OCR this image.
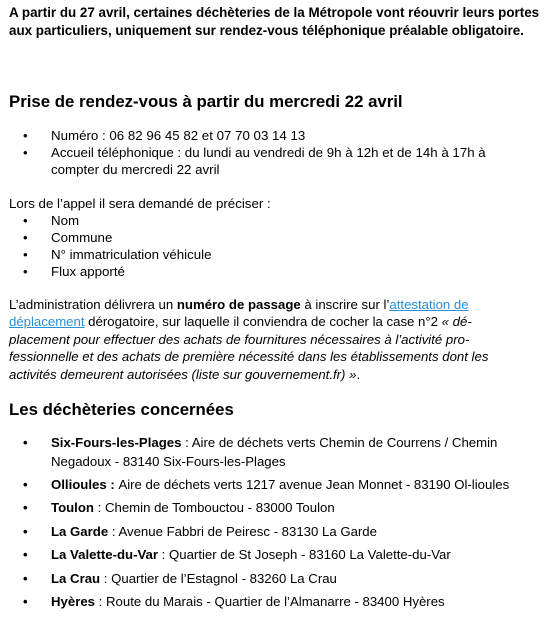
A partir du 27 avril, certaines déchèteries de la Métropole vont réouvrir leurs portes aux particuliers, uniquement sur rendez-vous téléphonique préalable obligatoire.

Prise de rendez-vous à partir du mercredi 22 avril
• Numéro : 06 82 96 45 82 et 07 70 03 14 13
• Accueil téléphonique : du lundi au vendredi de 9h à 12h et de 14h à 17h à compter du mercredi 22 avril

Lors de l’appel il sera demandé de préciser :

• Nom
• Commune
• N° immatriculation véhicule
• Flux apporté

L’administration délivrera un numéro de passage à inscrire sur l’attestation de déplacement dérogatoire, sur laquelle il conviendra de cocher la case n°2 « dé-placement pour effectuer des achats de fournitures nécessaires à l’activité pro-fessionnelle et des achats de première nécessité dans les établissements dont les activités demeurent autorisées (liste sur gouvernement.fr) ».

Les déchèteries concernées
• Six-Fours-les-Plages : Aire de déchets verts Chemin de Courrens / Chemin Negadoux - 83140 Six-Fours-les-Plages
• Ollioules : Aire de déchets verts 1217 avenue Jean Monnet - 83190 Ol-lioules
• Toulon : Chemin de Tombouctou - 83000 Toulon
• La Garde : Avenue Fabbri de Peiresc - 83130 La Garde
• La Valette-du-Var : Quartier de St Joseph - 83160 La Valette-du-Var
• La Crau : Quartier de l’Estagnol - 83260 La Crau
• Hyères : Route du Marais - Quartier de l’Almanarre - 83400 Hyères
